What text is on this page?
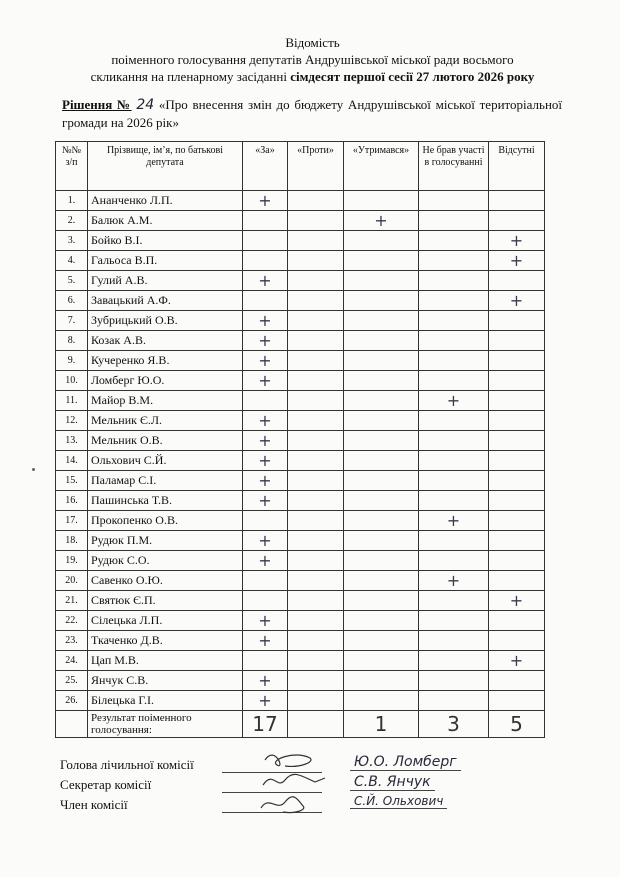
Відомість
поіменного голосування депутатів Андрушівської міської ради восьмого
скликання на пленарному засіданні сімдесят першої сесії 27 лютого 2026 року
Рішення № 24 «Про внесення змін до бюджету Андрушівської міської територіальної громади на 2026 рік»
№№ з/п	Прізвище, ім’я, по батькові депутата	«За»	«Проти»	«Утримався»	Не брав участі в голосуванні	Відсутні
1.	Ананченко Л.П.	+				
2.	Балюк А.М.			+		
3.	Бойко В.І.					+
4.	Гальоса В.П.					+
5.	Гулий А.В.	+				
6.	Завацький А.Ф.					+
7.	Зубрицький О.В.	+				
8.	Козак А.В.	+				
9.	Кучеренко Я.В.	+				
10.	Ломберг Ю.О.	+				
11.	Майор В.М.				+	
12.	Мельник Є.Л.	+				
13.	Мельник О.В.	+				
14.	Ольхович С.Й.	+				
15.	Паламар С.І.	+				
16.	Пашинська Т.В.	+				
17.	Прокопенко О.В.				+	
18.	Рудюк П.М.	+				
19.	Рудюк С.О.	+				
20.	Савенко О.Ю.				+	
21.	Святюк Є.П.					+
22.	Сілецька Л.П.	+				
23.	Ткаченко Д.В.	+				
24.	Цап М.В.					+
25.	Янчук С.В.	+				
26.	Білецька Г.І.	+				
	Результат поіменного голосування:	17		1	3	5
Голова лічильної комісії	Ю.О. Ломберг
Секретар комісії	С.В. Янчук
Член комісії	С.Й. Ольхович
